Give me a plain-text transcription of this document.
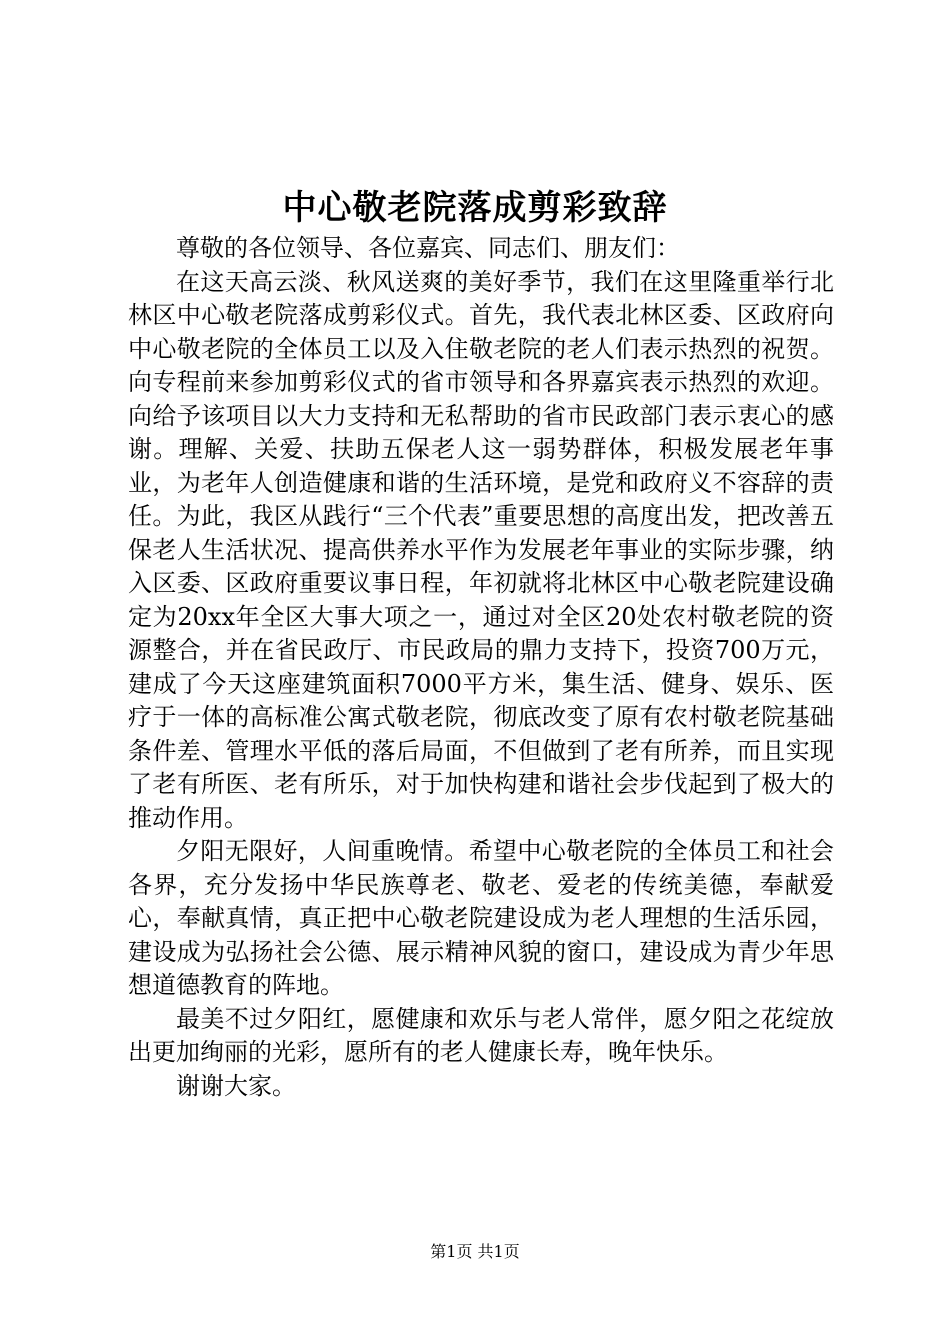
中心敬老院落成剪彩致辞

尊敬的各位领导、各位嘉宾、同志们、朋友们：

在这天高云淡、秋风送爽的美好季节，我们在这里隆重举行北林区中心敬老院落成剪彩仪式。首先，我代表北林区委、区政府向中心敬老院的全体员工以及入住敬老院的老人们表示热烈的祝贺。向专程前来参加剪彩仪式的省市领导和各界嘉宾表示热烈的欢迎。向给予该项目以大力支持和无私帮助的省市民政部门表示衷心的感谢。理解、关爱、扶助五保老人这一弱势群体，积极发展老年事业，为老年人创造健康和谐的生活环境，是党和政府义不容辞的责任。为此，我区从践行“三个代表”重要思想的高度出发，把改善五保老人生活状况、提高供养水平作为发展老年事业的实际步骤，纳入区委、区政府重要议事日程，年初就将北林区中心敬老院建设确定为20xx年全区大事大项之一，通过对全区20处农村敬老院的资源整合，并在省民政厅、市民政局的鼎力支持下，投资700万元，建成了今天这座建筑面积7000平方米，集生活、健身、娱乐、医疗于一体的高标准公寓式敬老院，彻底改变了原有农村敬老院基础条件差、管理水平低的落后局面，不但做到了老有所养，而且实现了老有所医、老有所乐，对于加快构建和谐社会步伐起到了极大的推动作用。

夕阳无限好，人间重晚情。希望中心敬老院的全体员工和社会各界，充分发扬中华民族尊老、敬老、爱老的传统美德，奉献爱心，奉献真情，真正把中心敬老院建设成为老人理想的生活乐园，建设成为弘扬社会公德、展示精神风貌的窗口，建设成为青少年思想道德教育的阵地。

最美不过夕阳红，愿健康和欢乐与老人常伴，愿夕阳之花绽放出更加绚丽的光彩，愿所有的老人健康长寿，晚年快乐。

谢谢大家。

第1页 共1页
